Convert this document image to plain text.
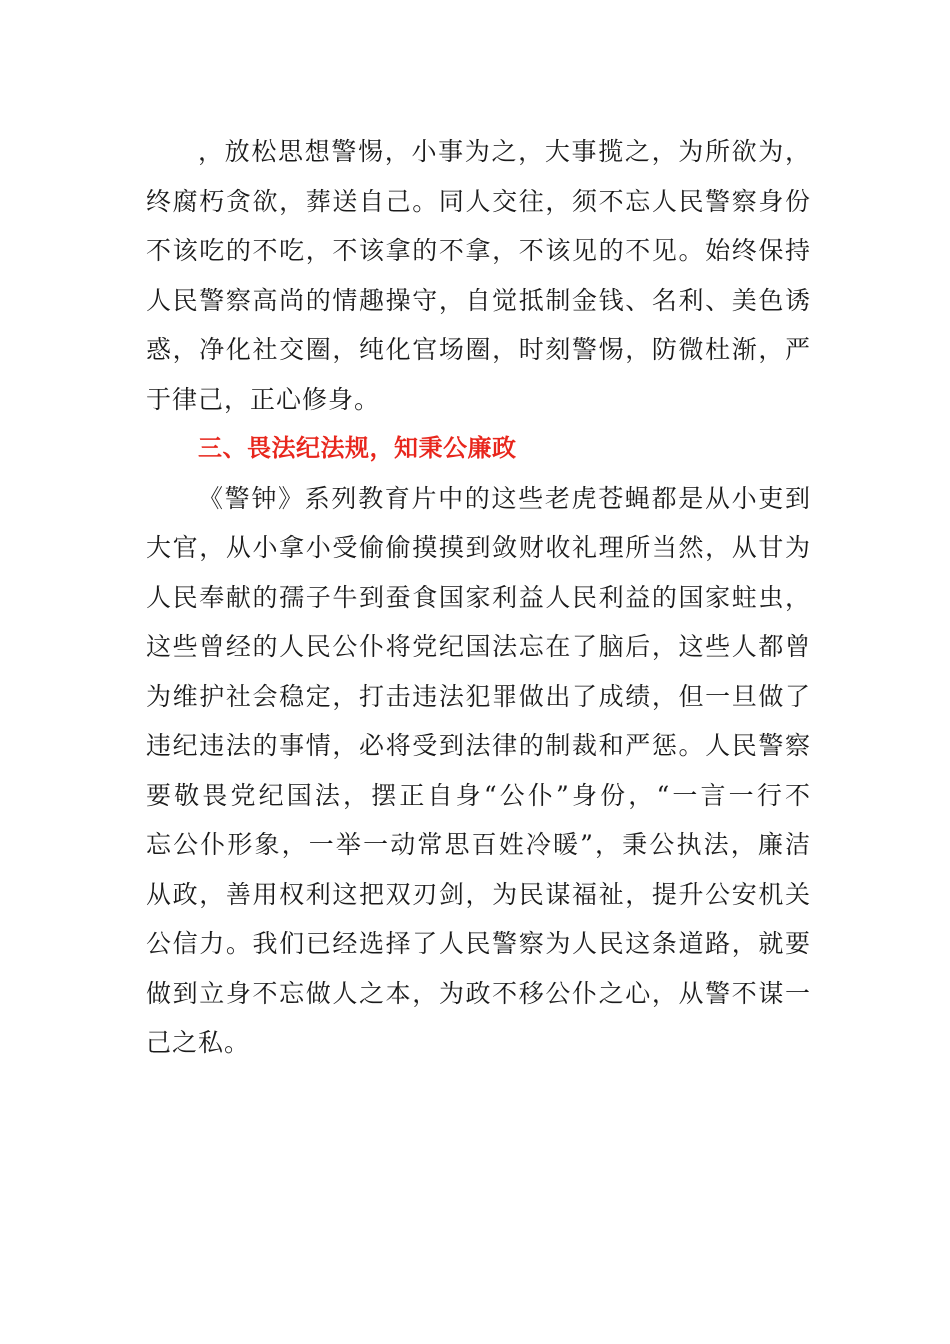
，放松思想警惕，小事为之，大事揽之，为所欲为，
终腐朽贪欲，葬送自己。同人交往，须不忘人民警察身份
不该吃的不吃，不该拿的不拿，不该见的不见。始终保持
人民警察高尚的情趣操守，自觉抵制金钱、名利、美色诱
惑，净化社交圈，纯化官场圈，时刻警惕，防微杜渐，严
于律己，正心修身。
三、畏法纪法规，知秉公廉政
《警钟》系列教育片中的这些老虎苍蝇都是从小吏到
大官，从小拿小受偷偷摸摸到敛财收礼理所当然，从甘为
人民奉献的孺子牛到蚕食国家利益人民利益的国家蛀虫，
这些曾经的人民公仆将党纪国法忘在了脑后，这些人都曾
为维护社会稳定，打击违法犯罪做出了成绩，但一旦做了
违纪违法的事情，必将受到法律的制裁和严惩。人民警察
要敬畏党纪国法，摆正自身“公仆”身份，“一言一行不
忘公仆形象，一举一动常思百姓冷暖”，秉公执法，廉洁
从政，善用权利这把双刃剑，为民谋福祉，提升公安机关
公信力。我们已经选择了人民警察为人民这条道路，就要
做到立身不忘做人之本，为政不移公仆之心，从警不谋一
己之私。
